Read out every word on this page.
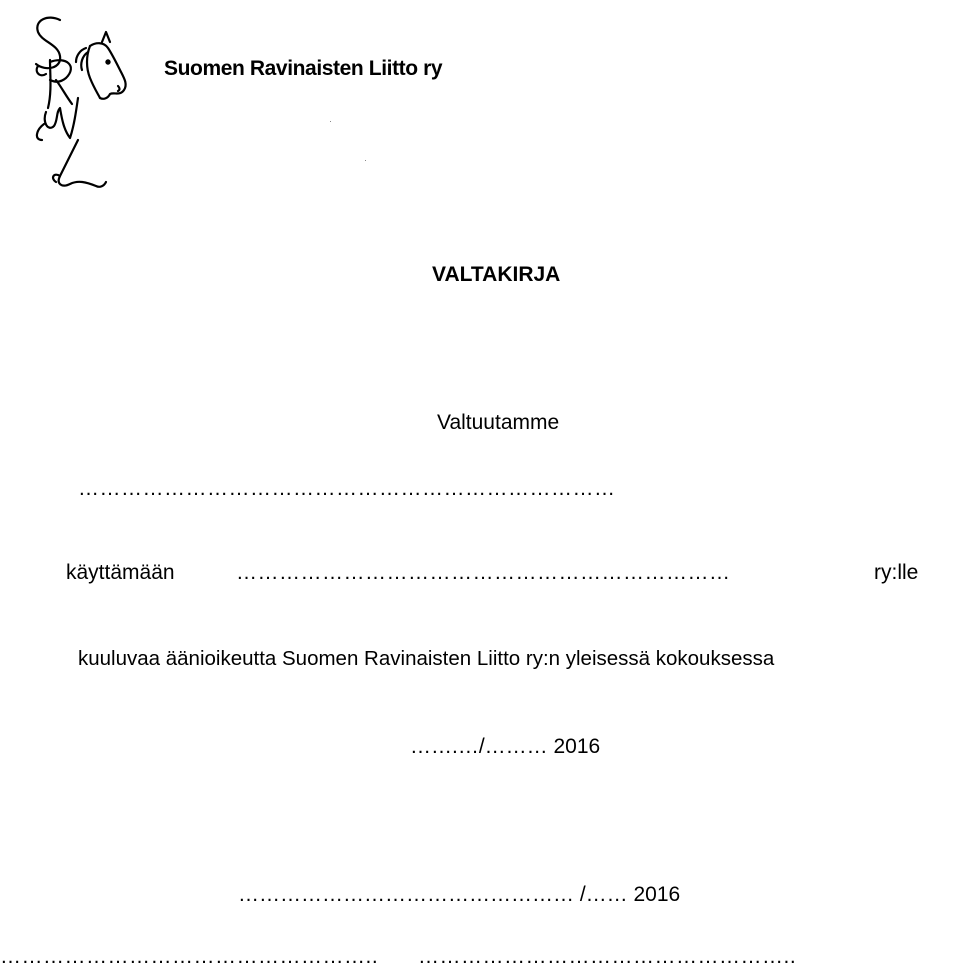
Suomen Ravinaisten Liitto ry
VALTAKIRJA
Valtuutamme
…………………………………………………………………
käyttämään	……………………………………………………………	ry:lle
kuuluvaa äänioikeutta Suomen Ravinaisten Liitto ry:n yleisessä kokouksessa
…….…/……… 2016
………………………………………… /…… 2016
…………………………………………….. ……………………………………………..
